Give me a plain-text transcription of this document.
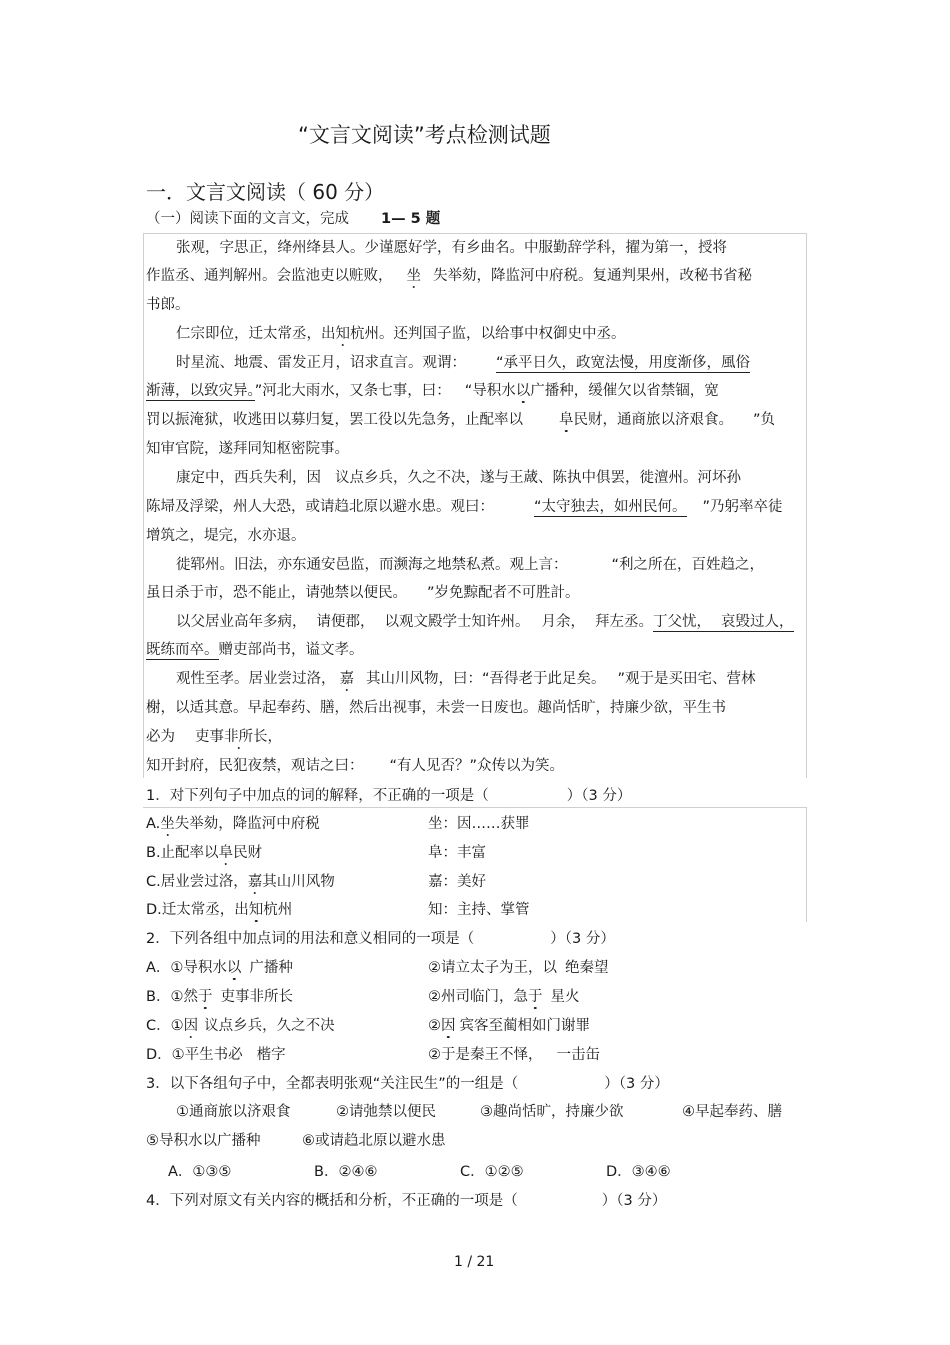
“文言文阅读”考点检测试题
一．文言文阅读（ 60 分）
（一）阅读下面的文言文，完成 1— 5 题
张观，字思正，绛州绛县人。少谨愿好学，有乡曲名。中服勤辞学科，擢为第一，授将
作监丞、通判解州。会监池吏以赃败， 坐 失举劾，降监河中府税。复通判果州，改秘书省秘
书郎。
仁宗即位，迁太常丞，出知杭州。还判国子监，以给事中权御史中丞。
时星流、地震、雷发正月，诏求直言。观谓： “承平日久，政宽法慢，用度渐侈，風俗
渐薄，以致灾异。”河北大雨水，又条七事，曰： “导积水以广播种，缓催欠以省禁锢，宽
罚以振淹狱，收逃田以募归复，罢工役以先急务，止配率以 阜民财，通商旅以济艰食。 ”负
知审官院，遂拜同知枢密院事。
康定中，西兵失利，因 议点乡兵，久之不决，遂与王蒧、陈执中俱罢，徙澶州。河坏孙
陈埽及浮梁，州人大恐，或请趋北原以避水患。观曰：	“太守独去，如州民何。 ”乃躬率卒徒
增筑之，堤完，水亦退。
徙郓州。旧法，亦东通安邑监，而濒海之地禁私煮。观上言：	“利之所在，百姓趋之，
虽日杀于市，恐不能止，请弛禁以便民。 ”岁免黥配者不可胜計。
以父居业高年多病， 请便郡， 以观文殿学士知许州。 月余， 拜左丞。丁父忧， 哀毁过人，
既练而卒。赠吏部尚书，谥文孝。
观性至孝。居业尝过洛， 嘉 其山川风物，曰：“吾得老于此足矣。 ”观于是买田宅、营林
榭，以适其意。早起奉药、膳，然后出视事，未尝一日废也。趣尚恬旷，持廉少欲，平生书
必为 吏事非所长，
知开封府，民犯夜禁，观诘之曰： “有人见否？”众传以为笑。
1．对下列句子中加点的词的解释，不正确的一项是（	）（3 分）
A.坐失举劾，降监河中府税	坐：因……获罪
B.止配率以阜民财	阜：丰富
C.居业尝过洛，嘉其山川风物	嘉：美好
D.迁太常丞，出知杭州	知：主持、掌管
2．下列各组中加点词的用法和意义相同的一项是（	）（3 分）
A．①导积水以 广播种	②请立太子为王，以 绝秦望
B．①然于 吏事非所长	②州司临门，急于 星火
C．①因 议点乡兵，久之不决	②因 宾客至蔺相如门谢罪
D．①平生书必 楷字	②于是秦王不怿， 一击缶
3．以下各组句子中，全都表明张观“关注民生”的一组是（	）（3 分）
①通商旅以济艰食	②请弛禁以便民	③趣尚恬旷，持廉少欲	④早起奉药、膳
⑤导积水以广播种	⑥或请趋北原以避水患
A．①③⑤	B．②④⑥	C．①②⑤	D．③④⑥
4．下列对原文有关内容的概括和分析，不正确的一项是（	）（3 分）
1 / 21
